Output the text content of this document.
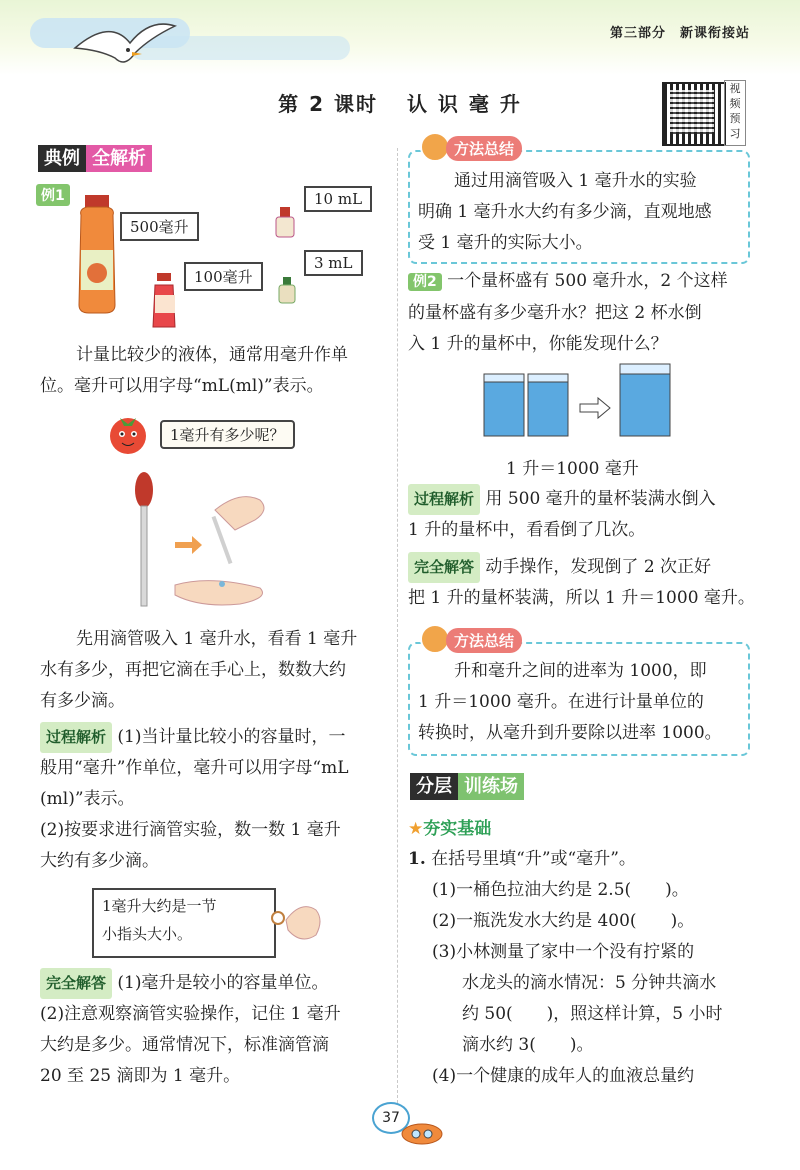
第三部分　新课衔接站
第 2 课时 认 识 毫 升
视
频
预
习
典例 全解析
例1
500毫升
100毫升
10 mL
3 mL
计量比较少的液体，通常用毫升作单
位。毫升可以用字母“mL(ml)”表示。
1毫升有多少呢？
先用滴管吸入 1 毫升水，看看 1 毫升
水有多少，再把它滴在手心上，数数大约
有多少滴。
过程解析 (1)当计量比较小的容量时，一
般用“毫升”作单位，毫升可以用字母“mL
(ml)”表示。
(2)按要求进行滴管实验，数一数 1 毫升
大约有多少滴。
1毫升大约是一节
小指头大小。
完全解答 (1)毫升是较小的容量单位。
(2)注意观察滴管实验操作，记住 1 毫升
大约是多少。通常情况下，标准滴管滴
20 至 25 滴即为 1 毫升。
方法总结
通过用滴管吸入 1 毫升水的实验
明确 1 毫升水大约有多少滴，直观地感
受 1 毫升的实际大小。
例2 一个量杯盛有 500 毫升水，2 个这样
的量杯盛有多少毫升水？把这 2 杯水倒
入 1 升的量杯中，你能发现什么？
1 升＝1000 毫升
过程解析 用 500 毫升的量杯装满水倒入
1 升的量杯中，看看倒了几次。
完全解答 动手操作，发现倒了 2 次正好
把 1 升的量杯装满，所以 1 升＝1000 毫升。
方法总结
升和毫升之间的进率为 1000，即
1 升＝1000 毫升。在进行计量单位的
转换时，从毫升到升要除以进率 1000。
分层 训练场
★夯实基础
1. 在括号里填“升”或“毫升”。
(1)一桶色拉油大约是 2.5(　　)。
(2)一瓶洗发水大约是 400(　　)。
(3)小林测量了家中一个没有拧紧的
水龙头的滴水情况：5 分钟共滴水
约 50(　　)，照这样计算，5 小时
滴水约 3(　　)。
(4)一个健康的成年人的血液总量约
37
